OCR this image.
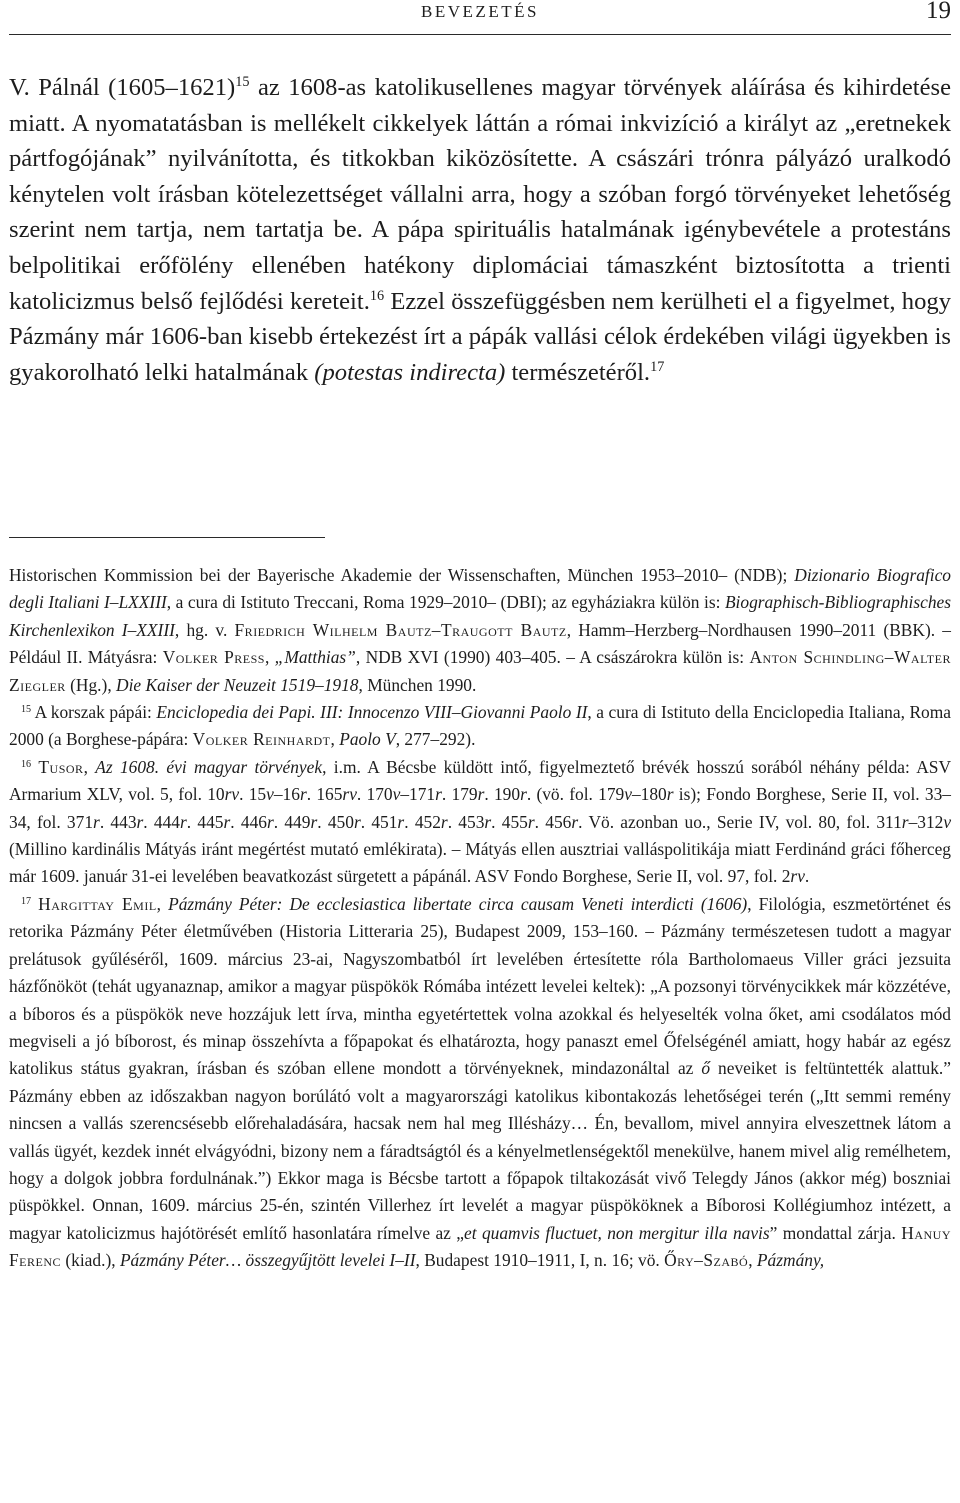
BEVEZETÉS	19

V. Pálnál (1605–1621)$^{15}$ az 1608-as katolikusellenes magyar törvények aláírása és kihirdetése miatt. A nyomatatásban is mellékelt cikkelyek láttán a római inkvizíció a királyt az „eretnekek pártfogójának” nyilvánította, és titkokban kiközösítette. A császári trónra pályázó uralkodó kénytelen volt írásban kötelezettséget vállalni arra, hogy a szóban forgó törvényeket lehetőség szerint nem tartja, nem tartatja be. A pápa spirituális hatalmának igénybevétele a protestáns belpolitikai erőfölény ellenében hatékony diplomáciai támaszként biztosította a trienti katolicizmus belső fejlődési kereteit.$^{16}$ Ezzel összefüggésben nem kerülheti el a figyelmet, hogy Pázmány már 1606-ban kisebb értekezést írt a pápák vallási célok érdekében világi ügyekben is gyakorolható lelki hatalmának (potestas indirecta) természetéről.$^{17}$

Historischen Kommission bei der Bayerische Akademie der Wissenschaften, München 1953–2010– (NDB); Dizionario Biografico degli Italiani I–LXXIII, a cura di Istituto Treccani, Roma 1929–2010– (DBI); az egyháziakra külön is: Biographisch-Bibliographisches Kirchenlexikon I–XXIII, hg. v. Friedrich Wilhelm Bautz–Traugott Bautz, Hamm–Herzberg–Nordhausen 1990–2011 (BBK). – Például II. Mátyásra: Volker Press, „Matthias”, NDB XVI (1990) 403–405. – A császárokra külön is: Anton Schindling–Walter Ziegler (Hg.), Die Kaiser der Neuzeit 1519–1918, München 1990.

$^{15}$ A korszak pápái: Enciclopedia dei Papi. III: Innocenzo VIII–Giovanni Paolo II, a cura di Istituto della Enciclopedia Italiana, Roma 2000 (a Borghese-pápára: Volker Reinhardt, Paolo V, 277–292).

$^{16}$ Tusor, Az 1608. évi magyar törvények, i.m. A Bécsbe küldött intő, figyelmeztető brévék hosszú sorából néhány példa: ASV Armarium XLV, vol. 5, fol. 10rv. 15v–16r. 165rv. 170v–171r. 179r. 190r. (vö. fol. 179v–180r is); Fondo Borghese, Serie II, vol. 33–34, fol. 371r. 443r. 444r. 445r. 446r. 449r. 450r. 451r. 452r. 453r. 455r. 456r. Vö. azonban uo., Serie IV, vol. 80, fol. 311r–312v (Millino kardinális Mátyás iránt megértést mutató emlékirata). – Mátyás ellen ausztriai valláspolitikája miatt Ferdinánd gráci főherceg már 1609. január 31-ei levelében beavatkozást sürgetett a pápánál. ASV Fondo Borghese, Serie II, vol. 97, fol. 2rv.

$^{17}$ Hargittay Emil, Pázmány Péter: De ecclesiastica libertate circa causam Veneti interdicti (1606), Filológia, eszmetörténet és retorika Pázmány Péter életművében (Historia Litteraria 25), Budapest 2009, 153–160. – Pázmány természetesen tudott a magyar prelátusok gyűléséről, 1609. március 23-ai, Nagyszombatból írt levelében értesítette róla Bartholomaeus Viller gráci jezsuita házfőnököt (tehát ugyanaznap, amikor a magyar püspökök Rómába intézett levelei keltek): „A pozsonyi törvénycikkek már közzétéve, a bíboros és a püspökök neve hozzájuk lett írva, mintha egyetértettek volna azokkal és helyeselték volna őket, ami csodálatos mód megviseli a jó bíborost, és minap összehívta a főpapokat és elhatározta, hogy panaszt emel Őfelségénél amiatt, hogy habár az egész katolikus státus gyakran, írásban és szóban ellene mondott a törvényeknek, mindazonáltal az ő neveiket is feltüntették alattuk.” Pázmány ebben az időszakban nagyon borúlátó volt a magyarországi katolikus kibontakozás lehetőségei terén („Itt semmi remény nincsen a vallás szerencsésebb előrehaladására, hacsak nem hal meg Illésházy… Én, bevallom, mivel annyira elveszettnek látom a vallás ügyét, kezdek innét elvágyódni, bizony nem a fáradtságtól és a kényelmetlenségektől menekülve, hanem mivel alig remélhetem, hogy a dolgok jobbra fordulnának.”) Ekkor maga is Bécsbe tartott a főpapok tiltakozását vivő Telegdy János (akkor még) boszniai püspökkel. Onnan, 1609. március 25-én, szintén Villerhez írt levelét a magyar püspököknek a Bíborosi Kollégiumhoz intézett, a magyar katolicizmus hajótörését említő hasonlatára rímelve az „et quamvis fluctuet, non mergitur illa navis” mondattal zárja. Hanuy Ferenc (kiad.), Pázmány Péter… összegyűjtött levelei I–II, Budapest 1910–1911, I, n. 16; vö. Őry–Szabó, Pázmány,
